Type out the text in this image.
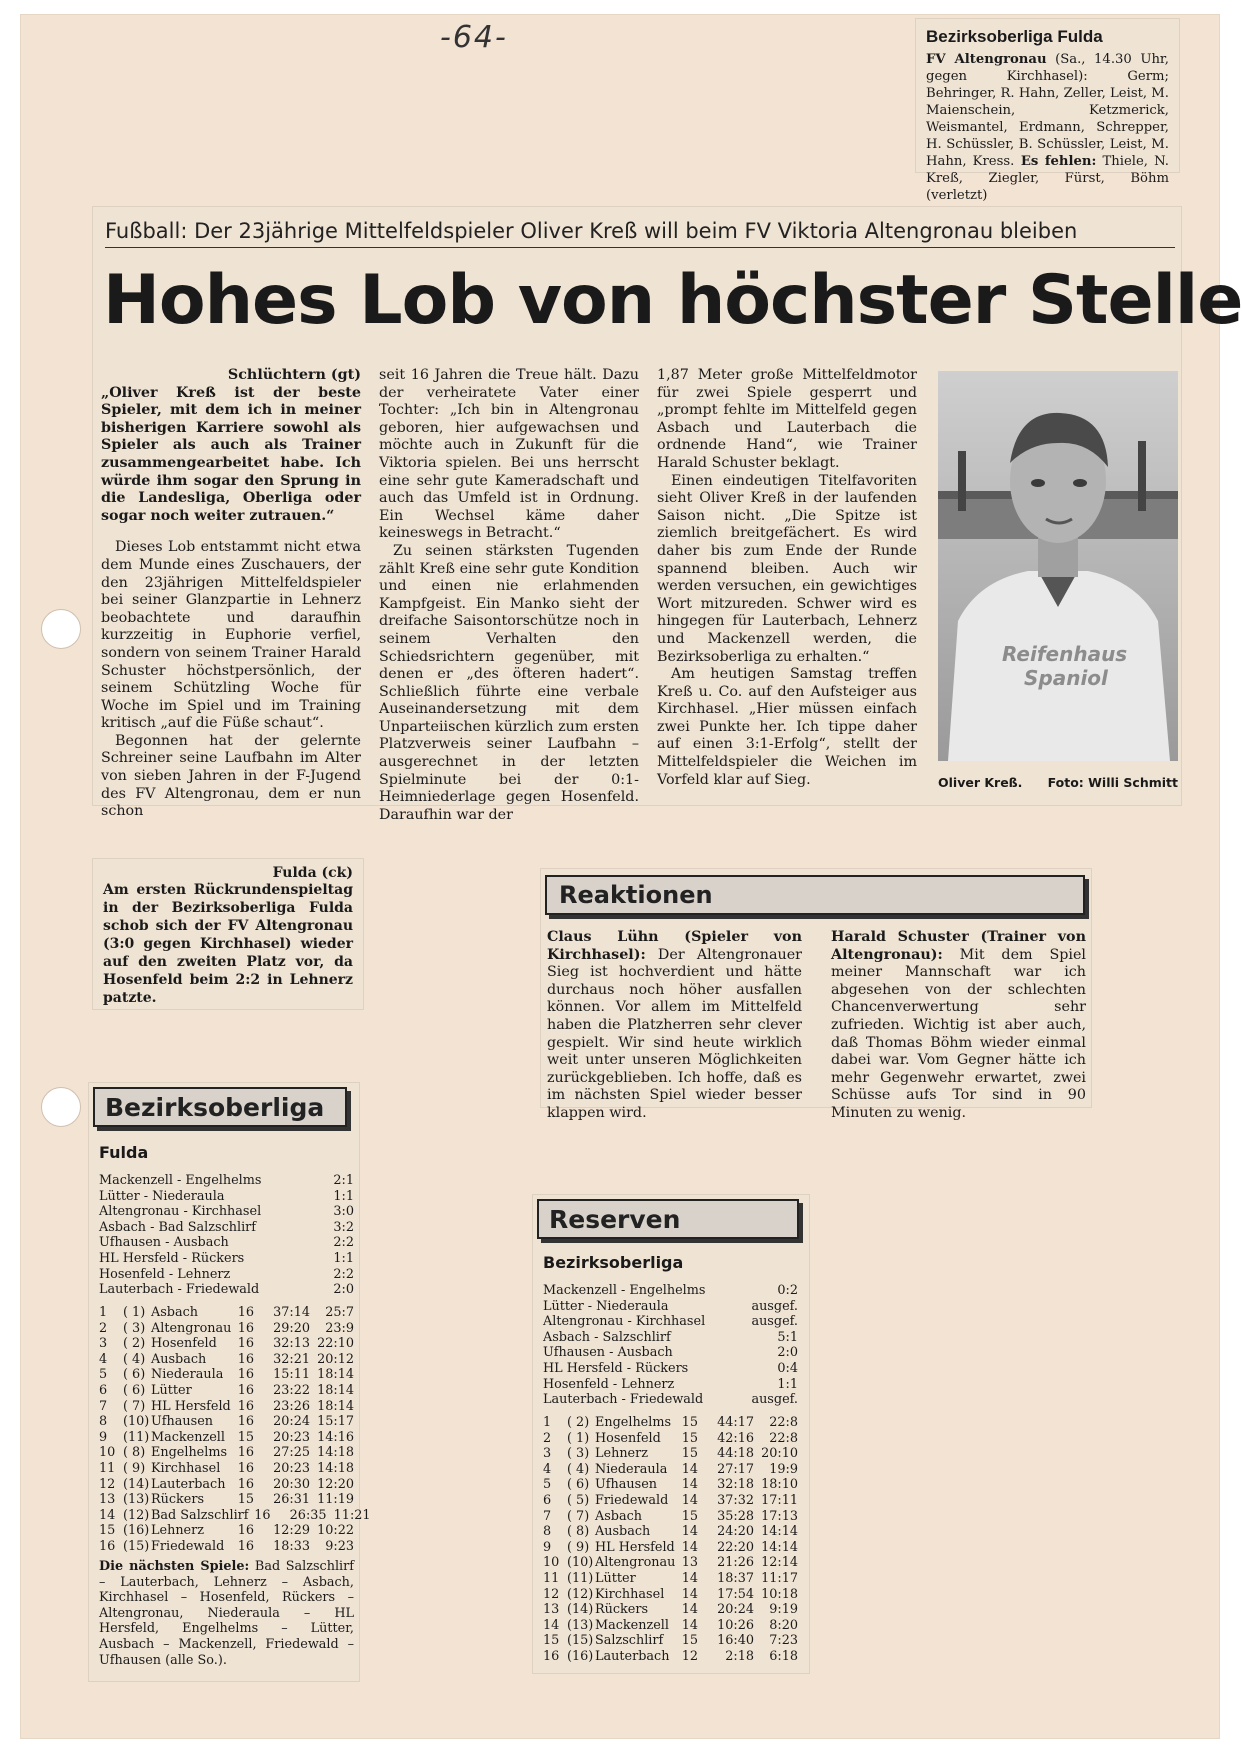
-64-	Bezirksoberliga Fulda
FV Altengronau (Sa., 14.30 Uhr, gegen Kirchhasel): Germ; Behringer, R. Hahn, Zeller, Leist, M. Maienschein, Ketzmerick, Weismantel, Erdmann, Schrepper, H. Schüssler, B. Schüssler, Leist, M. Hahn, Kress. Es fehlen: Thiele, N. Kreß, Ziegler, Fürst, Böhm (verletzt)
Fußball: Der 23jährige Mittelfeldspieler Oliver Kreß will beim FV Viktoria Altengronau bleiben
Hohes Lob von höchster Stelle

Schlüchtern (gt)

„Oliver Kreß ist der beste Spieler, mit dem ich in meiner bisherigen Karriere sowohl als Spieler als auch als Trainer zusammengearbeitet habe. Ich würde ihm sogar den Sprung in die Landesliga, Oberliga oder sogar noch weiter zutrauen.“

Dieses Lob entstammt nicht etwa dem Munde eines Zuschauers, der den 23jährigen Mittelfeldspieler bei seiner Glanzpartie in Lehnerz beobachtete und daraufhin kurzzeitig in Euphorie verfiel, sondern von seinem Trainer Harald Schuster höchstpersönlich, der seinem Schützling Woche für Woche im Spiel und im Training kritisch „auf die Füße schaut“.

Begonnen hat der gelernte Schreiner seine Laufbahn im Alter von sieben Jahren in der F-Jugend des FV Altengronau, dem er nun schon

seit 16 Jahren die Treue hält. Dazu der verheiratete Vater einer Tochter: „Ich bin in Altengronau geboren, hier aufgewachsen und möchte auch in Zukunft für die Viktoria spielen. Bei uns herrscht eine sehr gute Kameradschaft und auch das Umfeld ist in Ordnung. Ein Wechsel käme daher keineswegs in Betracht.“

Zu seinen stärksten Tugenden zählt Kreß eine sehr gute Kondition und einen nie erlahmenden Kampfgeist. Ein Manko sieht der dreifache Saisontorschütze noch in seinem Verhalten den Schiedsrichtern gegenüber, mit denen er „des öfteren hadert“. Schließlich führte eine verbale Auseinandersetzung mit dem Unparteiischen kürzlich zum ersten Platzverweis seiner Laufbahn – ausgerechnet in der letzten Spielminute bei der 0:1-Heimniederlage gegen Hosenfeld. Daraufhin war der

1,87 Meter große Mittelfeldmotor für zwei Spiele gesperrt und „prompt fehlte im Mittelfeld gegen Asbach und Lauterbach die ordnende Hand“, wie Trainer Harald Schuster beklagt.

Einen eindeutigen Titelfavoriten sieht Oliver Kreß in der laufenden Saison nicht. „Die Spitze ist ziemlich breitgefächert. Es wird daher bis zum Ende der Runde spannend bleiben. Auch wir werden versuchen, ein gewichtiges Wort mitzureden. Schwer wird es hingegen für Lauterbach, Lehnerz und Mackenzell werden, die Bezirksoberliga zu erhalten.“

Am heutigen Samstag treffen Kreß u. Co. auf den Aufsteiger aus Kirchhasel. „Hier müssen einfach zwei Punkte her. Ich tippe daher auf einen 3:1-Erfolg“, stellt der Mittelfeldspieler die Weichen im Vorfeld klar auf Sieg.

Reifenhaus
Spaniol
Oliver Kreß. Foto: Willi Schmitt
Fulda (ck)
Am ersten Rückrundenspieltag in der Bezirksoberliga Fulda schob sich der FV Altengronau (3:0 gegen Kirchhasel) wieder auf den zweiten Platz vor, da Hosenfeld beim 2:2 in Lehnerz patzte.
Reaktionen
Claus Lühn (Spieler von Kirchhasel): Der Altengronauer Sieg ist hochverdient und hätte durchaus noch höher ausfallen können. Vor allem im Mittelfeld haben die Platzherren sehr clever gespielt. Wir sind heute wirklich weit unter unseren Möglichkeiten zurückgeblieben. Ich hoffe, daß es im nächsten Spiel wieder besser klappen wird.
Harald Schuster (Trainer von Altengronau): Mit dem Spiel meiner Mannschaft war ich abgesehen von der schlechten Chancenverwertung sehr zufrieden. Wichtig ist aber auch, daß Thomas Böhm wieder einmal dabei war. Vom Gegner hätte ich mehr Gegenwehr erwartet, zwei Schüsse aufs Tor sind in 90 Minuten zu wenig.
Bezirksoberliga
Fulda
Mackenzell - Engelhelms	2:1
Lütter - Niederaula	1:1
Altengronau - Kirchhasel	3:0
Asbach - Bad Salzschlirf	3:2
Ufhausen - Ausbach	2:2
HL Hersfeld - Rückers	1:1
Hosenfeld - Lehnerz	2:2
Lauterbach - Friedewald	2:0
1	( 1) Asbach	16	37:14	25:7
2	( 3) Altengronau 16	29:20	23:9
3	( 2) Hosenfeld	16	32:13 22:10
4	( 4) Ausbach	16	32:21 20:12
5	( 6) Niederaula	16	15:11 18:14
6	( 6) Lütter	16	23:22 18:14
7	( 7) HL Hersfeld 16	23:26 18:14
8	(10) Ufhausen	16	20:24 15:17
9	(11) Mackenzell 15	20:23 14:16
10 ( 8) Engelhelms 16	27:25 14:18
11 ( 9) Kirchhasel	16	20:23 14:18
12 (14) Lauterbach 16	20:30 12:20
13 (13) Rückers	15	26:31 11:19
14 (12) Bad Salzschlirf 16	26:35 11:21
15 (16) Lehnerz	16	12:29 10:22
16 (15) Friedewald	16	18:33	9:23
Die nächsten Spiele: Bad Salzschlirf – Lauterbach, Lehnerz – Asbach, Kirchhasel – Hosenfeld, Rückers – Altengronau, Niederaula – HL Hersfeld, Engelhelms – Lütter, Ausbach – Mackenzell, Friedewald – Ufhausen (alle So.).
Reserven
Bezirksoberliga
Mackenzell - Engelhelms	0:2
Lütter - Niederaula	ausgef.
Altengronau - Kirchhasel	ausgef.
Asbach - Salzschlirf	5:1
Ufhausen - Ausbach	2:0
HL Hersfeld - Rückers	0:4
Hosenfeld - Lehnerz	1:1
Lauterbach - Friedewald	ausgef.
1	( 2) Engelhelms 15	44:17	22:8
2	( 1) Hosenfeld	15	42:16	22:8
3	( 3) Lehnerz	15	44:18 20:10
4	( 4) Niederaula	14	27:17	19:9
5	( 6) Ufhausen	14	32:18 18:10
6	( 5) Friedewald	14	37:32 17:11
7	( 7) Asbach	15	35:28 17:13
8	( 8) Ausbach	14	24:20 14:14
9	( 9) HL Hersfeld 14	22:20 14:14
10 (10) Altengronau 13	21:26 12:14
11 (11) Lütter	14	18:37 11:17
12 (12) Kirchhasel	14	17:54 10:18
13 (14) Rückers	14	20:24	9:19
14 (13) Mackenzell 14	10:26	8:20
15 (15) Salzschlirf	15	16:40	7:23
16 (16) Lauterbach 12	2:18	6:18
